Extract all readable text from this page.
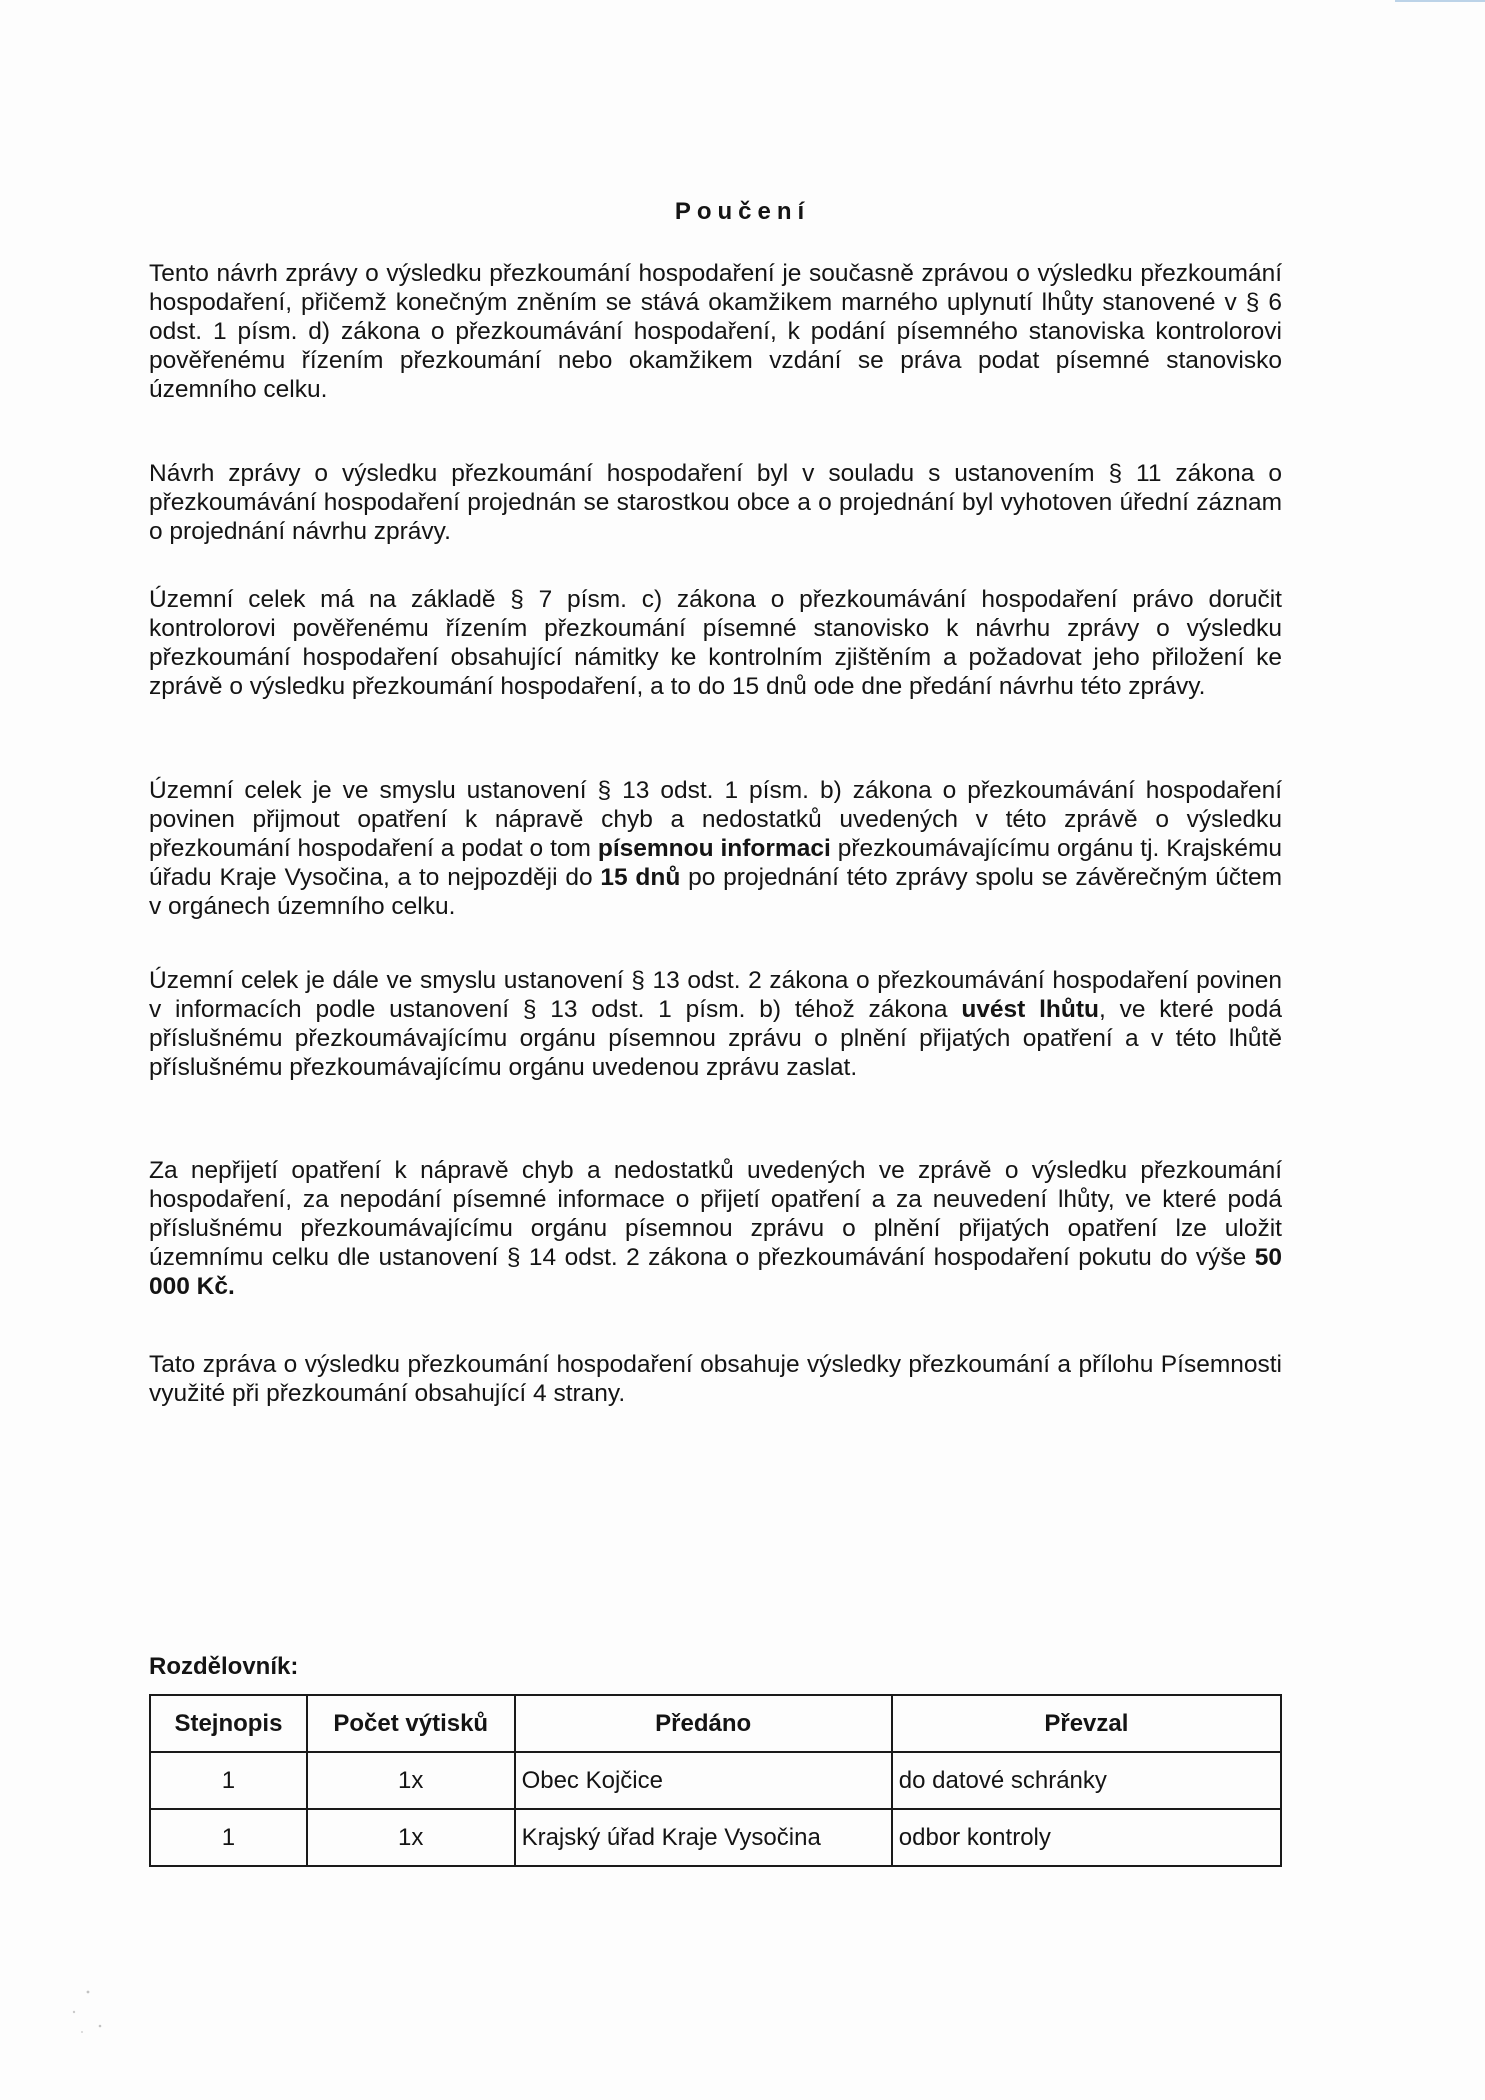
Poučení

Tento návrh zprávy o výsledku přezkoumání hospodaření je současně zprávou o výsledku přezkoumání hospodaření, přičemž konečným zněním se stává okamžikem marného uplynutí lhůty stanovené v § 6 odst. 1 písm. d) zákona o přezkoumávání hospodaření, k podání písemného stanoviska kontrolorovi pověřenému řízením přezkoumání nebo okamžikem vzdání se práva podat písemné stanovisko územního celku.

Návrh zprávy o výsledku přezkoumání hospodaření byl v souladu s ustanovením § 11 zákona o přezkoumávání hospodaření projednán se starostkou obce a o projednání byl vyhotoven úřední záznam o projednání návrhu zprávy.

Územní celek má na základě § 7 písm. c) zákona o přezkoumávání hospodaření právo doručit kontrolorovi pověřenému řízením přezkoumání písemné stanovisko k návrhu zprávy o výsledku přezkoumání hospodaření obsahující námitky ke kontrolním zjištěním a požadovat jeho přiložení ke zprávě o výsledku přezkoumání hospodaření, a to do 15 dnů ode dne předání návrhu této zprávy.

Územní celek je ve smyslu ustanovení § 13 odst. 1 písm. b) zákona o přezkoumávání hospodaření povinen přijmout opatření k nápravě chyb a nedostatků uvedených v této zprávě o výsledku přezkoumání hospodaření a podat o tom písemnou informaci přezkoumávajícímu orgánu tj. Krajskému úřadu Kraje Vysočina, a to nejpozději do 15 dnů po projednání této zprávy spolu se závěrečným účtem v orgánech územního celku.

Územní celek je dále ve smyslu ustanovení § 13 odst. 2 zákona o přezkoumávání hospodaření povinen v informacích podle ustanovení § 13 odst. 1 písm. b) téhož zákona uvést lhůtu, ve které podá příslušnému přezkoumávajícímu orgánu písemnou zprávu o plnění přijatých opatření a v této lhůtě příslušnému přezkoumávajícímu orgánu uvedenou zprávu zaslat.

Za nepřijetí opatření k nápravě chyb a nedostatků uvedených ve zprávě o výsledku přezkoumání hospodaření, za nepodání písemné informace o přijetí opatření a za neuvedení lhůty, ve které podá příslušnému přezkoumávajícímu orgánu písemnou zprávu o plnění přijatých opatření lze uložit územnímu celku dle ustanovení § 14 odst. 2 zákona o přezkoumávání hospodaření pokutu do výše 50 000 Kč.

Tato zpráva o výsledku přezkoumání hospodaření obsahuje výsledky přezkoumání a přílohu Písemnosti využité při přezkoumání obsahující 4 strany.

Rozdělovník:
Stejnopis	Počet výtisků	Předáno	Převzal
1	1x	Obec Kojčice	do datové schránky
1	1x	Krajský úřad Kraje Vysočina	odbor kontroly
